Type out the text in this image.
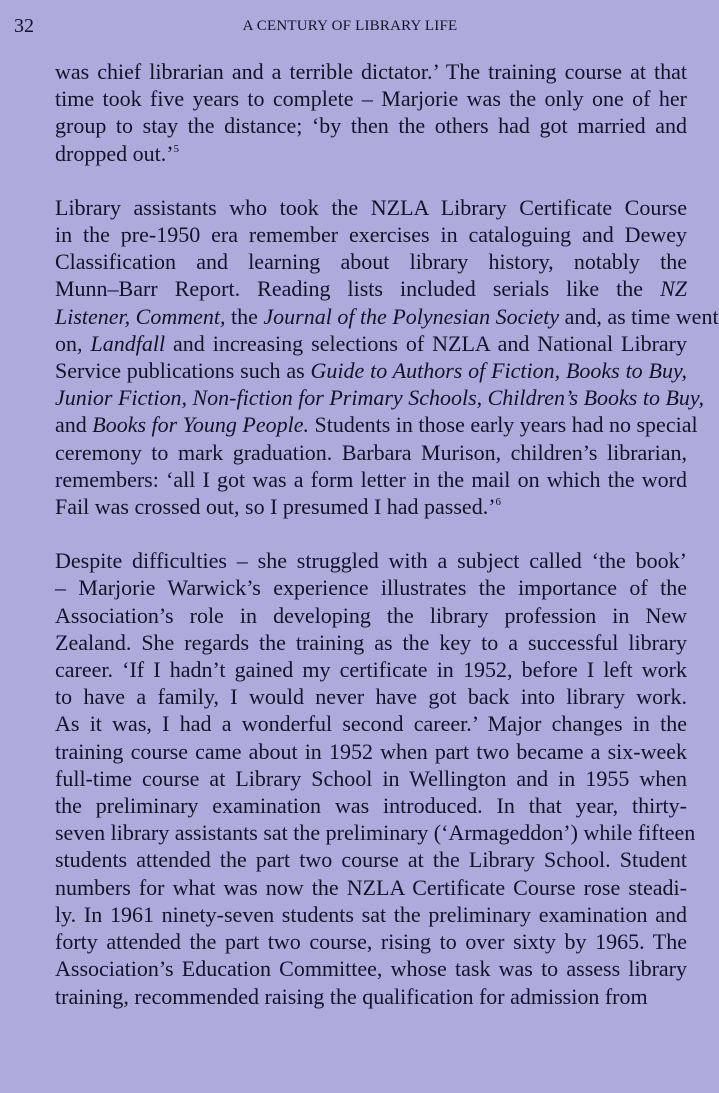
32	A CENTURY OF LIBRARY LIFE
was chief librarian and a terrible dictator.’ The training course at that
time took five years to complete – Marjorie was the only one of her
group to stay the distance; ‘by then the others had got married and
dropped out.’$^5$
Library assistants who took the NZLA Library Certificate Course
in the pre-1950 era remember exercises in cataloguing and Dewey
Classification and learning about library history, notably the
Munn–Barr Report. Reading lists included serials like the NZ
Listener, Comment, the Journal of the Polynesian Society and, as time went
on, Landfall and increasing selections of NZLA and National Library
Service publications such as Guide to Authors of Fiction, Books to Buy,
Junior Fiction, Non-fiction for Primary Schools, Children’s Books to Buy,
and Books for Young People. Students in those early years had no special
ceremony to mark graduation. Barbara Murison, children’s librarian,
remembers: ‘all I got was a form letter in the mail on which the word
Fail was crossed out, so I presumed I had passed.’$^6$
Despite difficulties – she struggled with a subject called ‘the book’
– Marjorie Warwick’s experience illustrates the importance of the
Association’s role in developing the library profession in New
Zealand. She regards the training as the key to a successful library
career. ‘If I hadn’t gained my certificate in 1952, before I left work
to have a family, I would never have got back into library work.
As it was, I had a wonderful second career.’ Major changes in the
training course came about in 1952 when part two became a six-week
full-time course at Library School in Wellington and in 1955 when
the preliminary examination was introduced. In that year, thirty-
seven library assistants sat the preliminary (‘Armageddon’) while fifteen
students attended the part two course at the Library School. Student
numbers for what was now the NZLA Certificate Course rose steadi-
ly. In 1961 ninety-seven students sat the preliminary examination and
forty attended the part two course, rising to over sixty by 1965. The
Association’s Education Committee, whose task was to assess library
training, recommended raising the qualification for admission from
